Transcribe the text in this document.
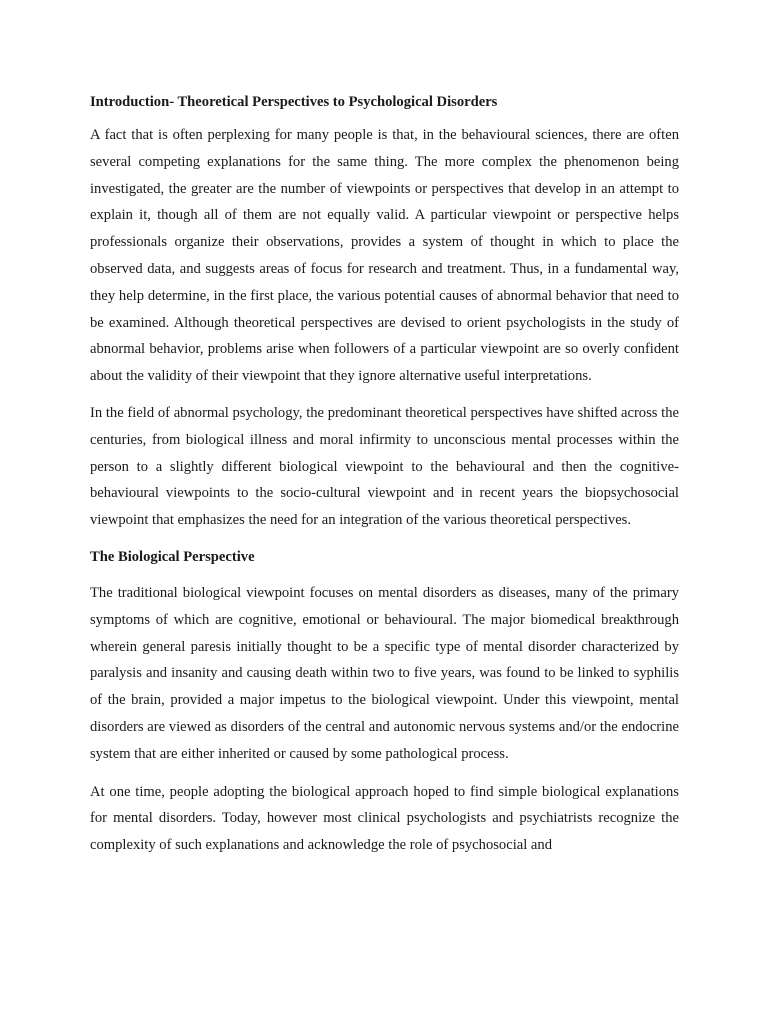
Introduction- Theoretical Perspectives to Psychological Disorders

A fact that is often perplexing for many people is that, in the behavioural sciences, there are often several competing explanations for the same thing. The more complex the phenomenon being investigated, the greater are the number of viewpoints or perspectives that develop in an attempt to explain it, though all of them are not equally valid. A particular viewpoint or perspective helps professionals organize their observations, provides a system of thought in which to place the observed data, and suggests areas of focus for research and treatment. Thus, in a fundamental way, they help determine, in the first place, the various potential causes of abnormal behavior that need to be examined. Although theoretical perspectives are devised to orient psychologists in the study of abnormal behavior, problems arise when followers of a particular viewpoint are so overly confident about the validity of their viewpoint that they ignore alternative useful interpretations.

In the field of abnormal psychology, the predominant theoretical perspectives have shifted across the centuries, from biological illness and moral infirmity to unconscious mental processes within the person to a slightly different biological viewpoint to the behavioural and then the cognitive-behavioural viewpoints to the socio-cultural viewpoint and in recent years the biopsychosocial viewpoint that emphasizes the need for an integration of the various theoretical perspectives.

The Biological Perspective

The traditional biological viewpoint focuses on mental disorders as diseases, many of the primary symptoms of which are cognitive, emotional or behavioural. The major biomedical breakthrough wherein general paresis initially thought to be a specific type of mental disorder characterized by paralysis and insanity and causing death within two to five years, was found to be linked to syphilis of the brain, provided a major impetus to the biological viewpoint. Under this viewpoint, mental disorders are viewed as disorders of the central and autonomic nervous systems and/or the endocrine system that are either inherited or caused by some pathological process.

At one time, people adopting the biological approach hoped to find simple biological explanations for mental disorders. Today, however most clinical psychologists and psychiatrists recognize the complexity of such explanations and acknowledge the role of psychosocial and
